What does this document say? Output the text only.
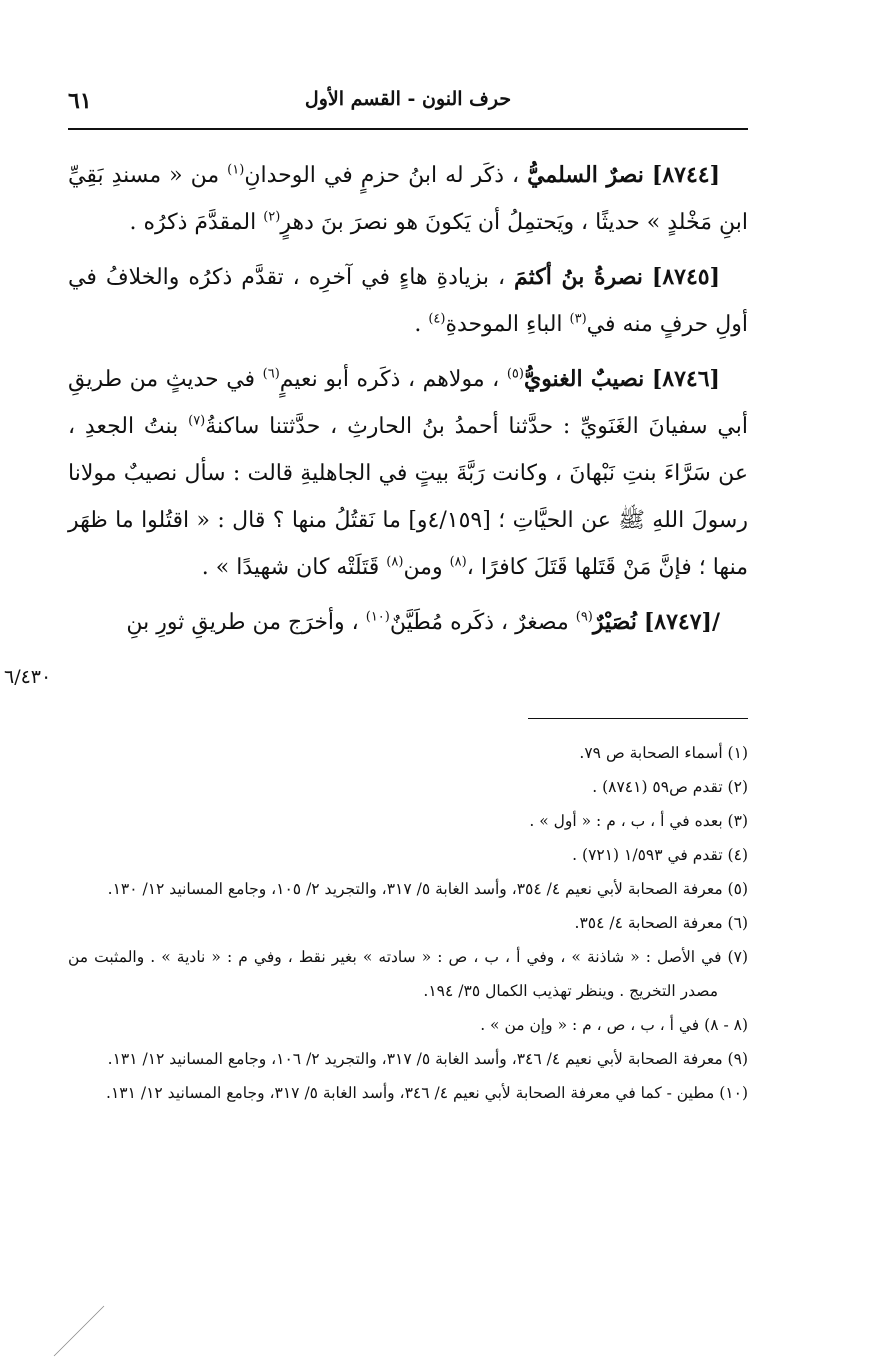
٦١	حرف النون - القسم الأول

[٨٧٤٤] نصرٌ السلميُّ ، ذكَر له ابنُ حزمٍ في الوحدانِ$^{(١)}$ من « مسندِ بَقِيِّ ابنِ مَخْلدٍ » حديثًا ، ويَحتمِلُ أن يَكونَ هو نصرَ بنَ دهرٍ$^{(٢)}$ المقدَّمَ ذكرُه .

[٨٧٤٥] نصرةُ بنُ أكثمَ ، بزيادةِ هاءٍ في آخرِه ، تقدَّم ذكرُه والخلافُ في أولِ حرفٍ منه في$^{(٣)}$ الباءِ الموحدةِ$^{(٤)}$ .

[٨٧٤٦] نصيبٌ الغنويُّ$^{(٥)}$ ، مولاهم ، ذكَره أبو نعيمٍ$^{(٦)}$ في حديثٍ من طريقِ أبي سفيانَ الغَنَويِّ : حدَّثنا أحمدُ بنُ الحارثِ ، حدَّثتنا ساكنةُ$^{(٧)}$ بنتُ الجعدِ ، عن سَرَّاءَ بنتِ نَبْهانَ ، وكانت رَبَّةَ بيتٍ في الجاهليةِ قالت : سأل نصيبٌ مولانا رسولَ اللهِ ﷺ عن الحيَّاتِ ؛ [٤/١٥٩و] ما نَقتُلُ منها ؟ قال : « اقتُلوا ما ظهَر منها ؛ فإنَّ مَنْ قَتَلها قَتَلَ كافرًا ،$^{(٨)}$ ومن$^{(٨)}$ قَتَلَتْه كان شهيدًا » .

/[٨٧٤٧] نُصَيْرٌ$^{(٩)}$ مصغرٌ ، ذكَره مُطَيَّنٌ$^{(١٠)}$ ، وأخرَج من طريقِ ثورِ بنِ

٦/٤٣٠

(١) أسماء الصحابة ص ٧٩.

(٢) تقدم ص٥٩ (٨٧٤١) .

(٣) بعده في أ ، ب ، م : « أول » .

(٤) تقدم في ١/٥٩٣ (٧٢١) .

(٥) معرفة الصحابة لأبي نعيم ٤/ ٣٥٤، وأسد الغابة ٥/ ٣١٧، والتجريد ٢/ ١٠٥، وجامع المسانيد ١٢/ ١٣٠.

(٦) معرفة الصحابة ٤/ ٣٥٤.

(٧) في الأصل : « شاذنة » ، وفي أ ، ب ، ص : « سادته » بغير نقط ، وفي م : « نادية » . والمثبت من مصدر التخريج . وينظر تهذيب الكمال ٣٥/ ١٩٤.

(٨ - ٨) في أ ، ب ، ص ، م : « وإن من » .

(٩) معرفة الصحابة لأبي نعيم ٤/ ٣٤٦، وأسد الغابة ٥/ ٣١٧، والتجريد ٢/ ١٠٦، وجامع المسانيد ١٢/ ١٣١.

(١٠) مطين - كما في معرفة الصحابة لأبي نعيم ٤/ ٣٤٦، وأسد الغابة ٥/ ٣١٧، وجامع المسانيد ١٢/ ١٣١.
